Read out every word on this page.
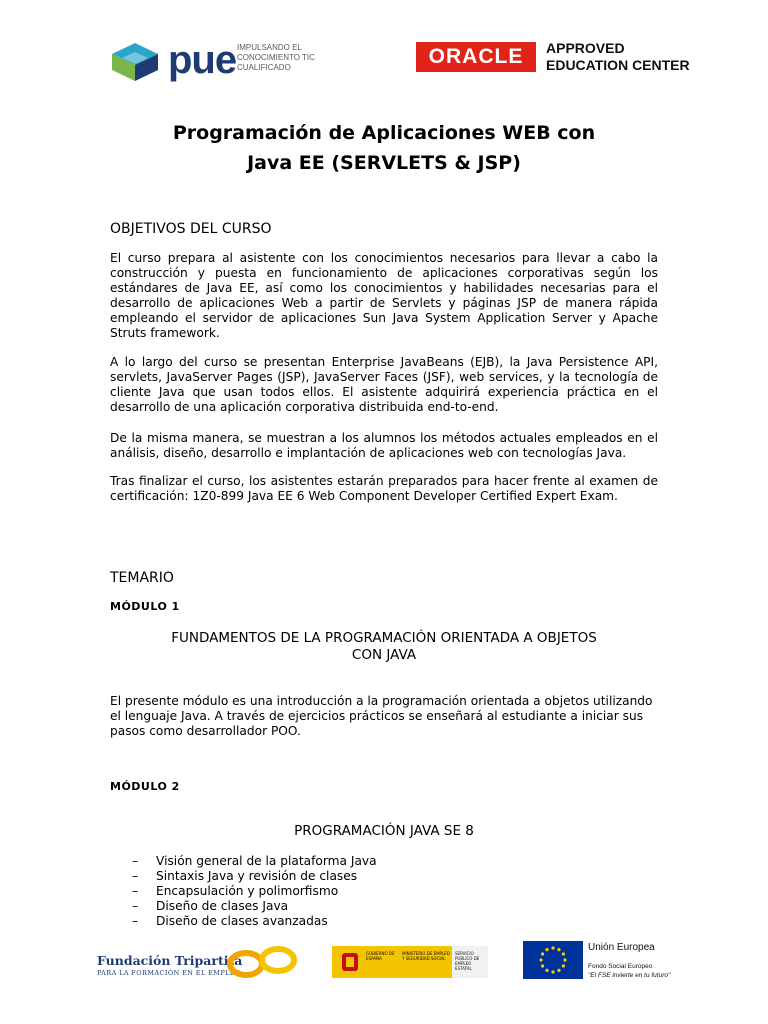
pue IMPULSANDO EL CONOCIMIENTO TIC CUALIFICADO	ORACLE	APPROVED
EDUCATION CENTER
Programación de Aplicaciones WEB con
Java EE (SERVLETS & JSP)
OBJETIVOS DEL CURSO
El curso prepara al asistente con los conocimientos necesarios para llevar a cabo la construcción y puesta en funcionamiento de aplicaciones corporativas según los estándares de Java EE, así como los conocimientos y habilidades necesarias para el desarrollo de aplicaciones Web a partir de Servlets y páginas JSP de manera rápida empleando el servidor de aplicaciones Sun Java System Application Server y Apache Struts framework.
A lo largo del curso se presentan Enterprise JavaBeans (EJB), la Java Persistence API, servlets, JavaServer Pages (JSP), JavaServer Faces (JSF), web services, y la tecnología de cliente Java que usan todos ellos. El asistente adquirirá experiencia práctica en el desarrollo de una aplicación corporativa distribuida end-to-end.
De la misma manera, se muestran a los alumnos los métodos actuales empleados en el análisis, diseño, desarrollo e implantación de aplicaciones web con tecnologías Java.
Tras finalizar el curso, los asistentes estarán preparados para hacer frente al examen de certificación: 1Z0-899 Java EE 6 Web Component Developer Certified Expert Exam.
TEMARIO
MÓDULO 1
FUNDAMENTOS DE LA PROGRAMACIÓN ORIENTADA A OBJETOS
CON JAVA
El presente módulo es una introducción a la programación orientada a objetos utilizando el lenguaje Java. A través de ejercicios prácticos se enseñará al estudiante a iniciar sus pasos como desarrollador POO.
MÓDULO 2
PROGRAMACIÓN JAVA SE 8
– Visión general de la plataforma Java
– Sintaxis Java y revisión de clases
– Encapsulación y polimorfismo
– Diseño de clases Java
– Diseño de clases avanzadas
Fundación Tripartita
PARA LA FORMACIÓN EN EL EMPLEO
GOBIERNO DE ESPAÑA
MINISTERIO DE EMPLEO Y SEGURIDAD SOCIAL
SERVICIO PÚBLICO DE EMPLEO ESTATAL
Unión Europea
Fondo Social Europeo
"El FSE invierte en tu futuro"
